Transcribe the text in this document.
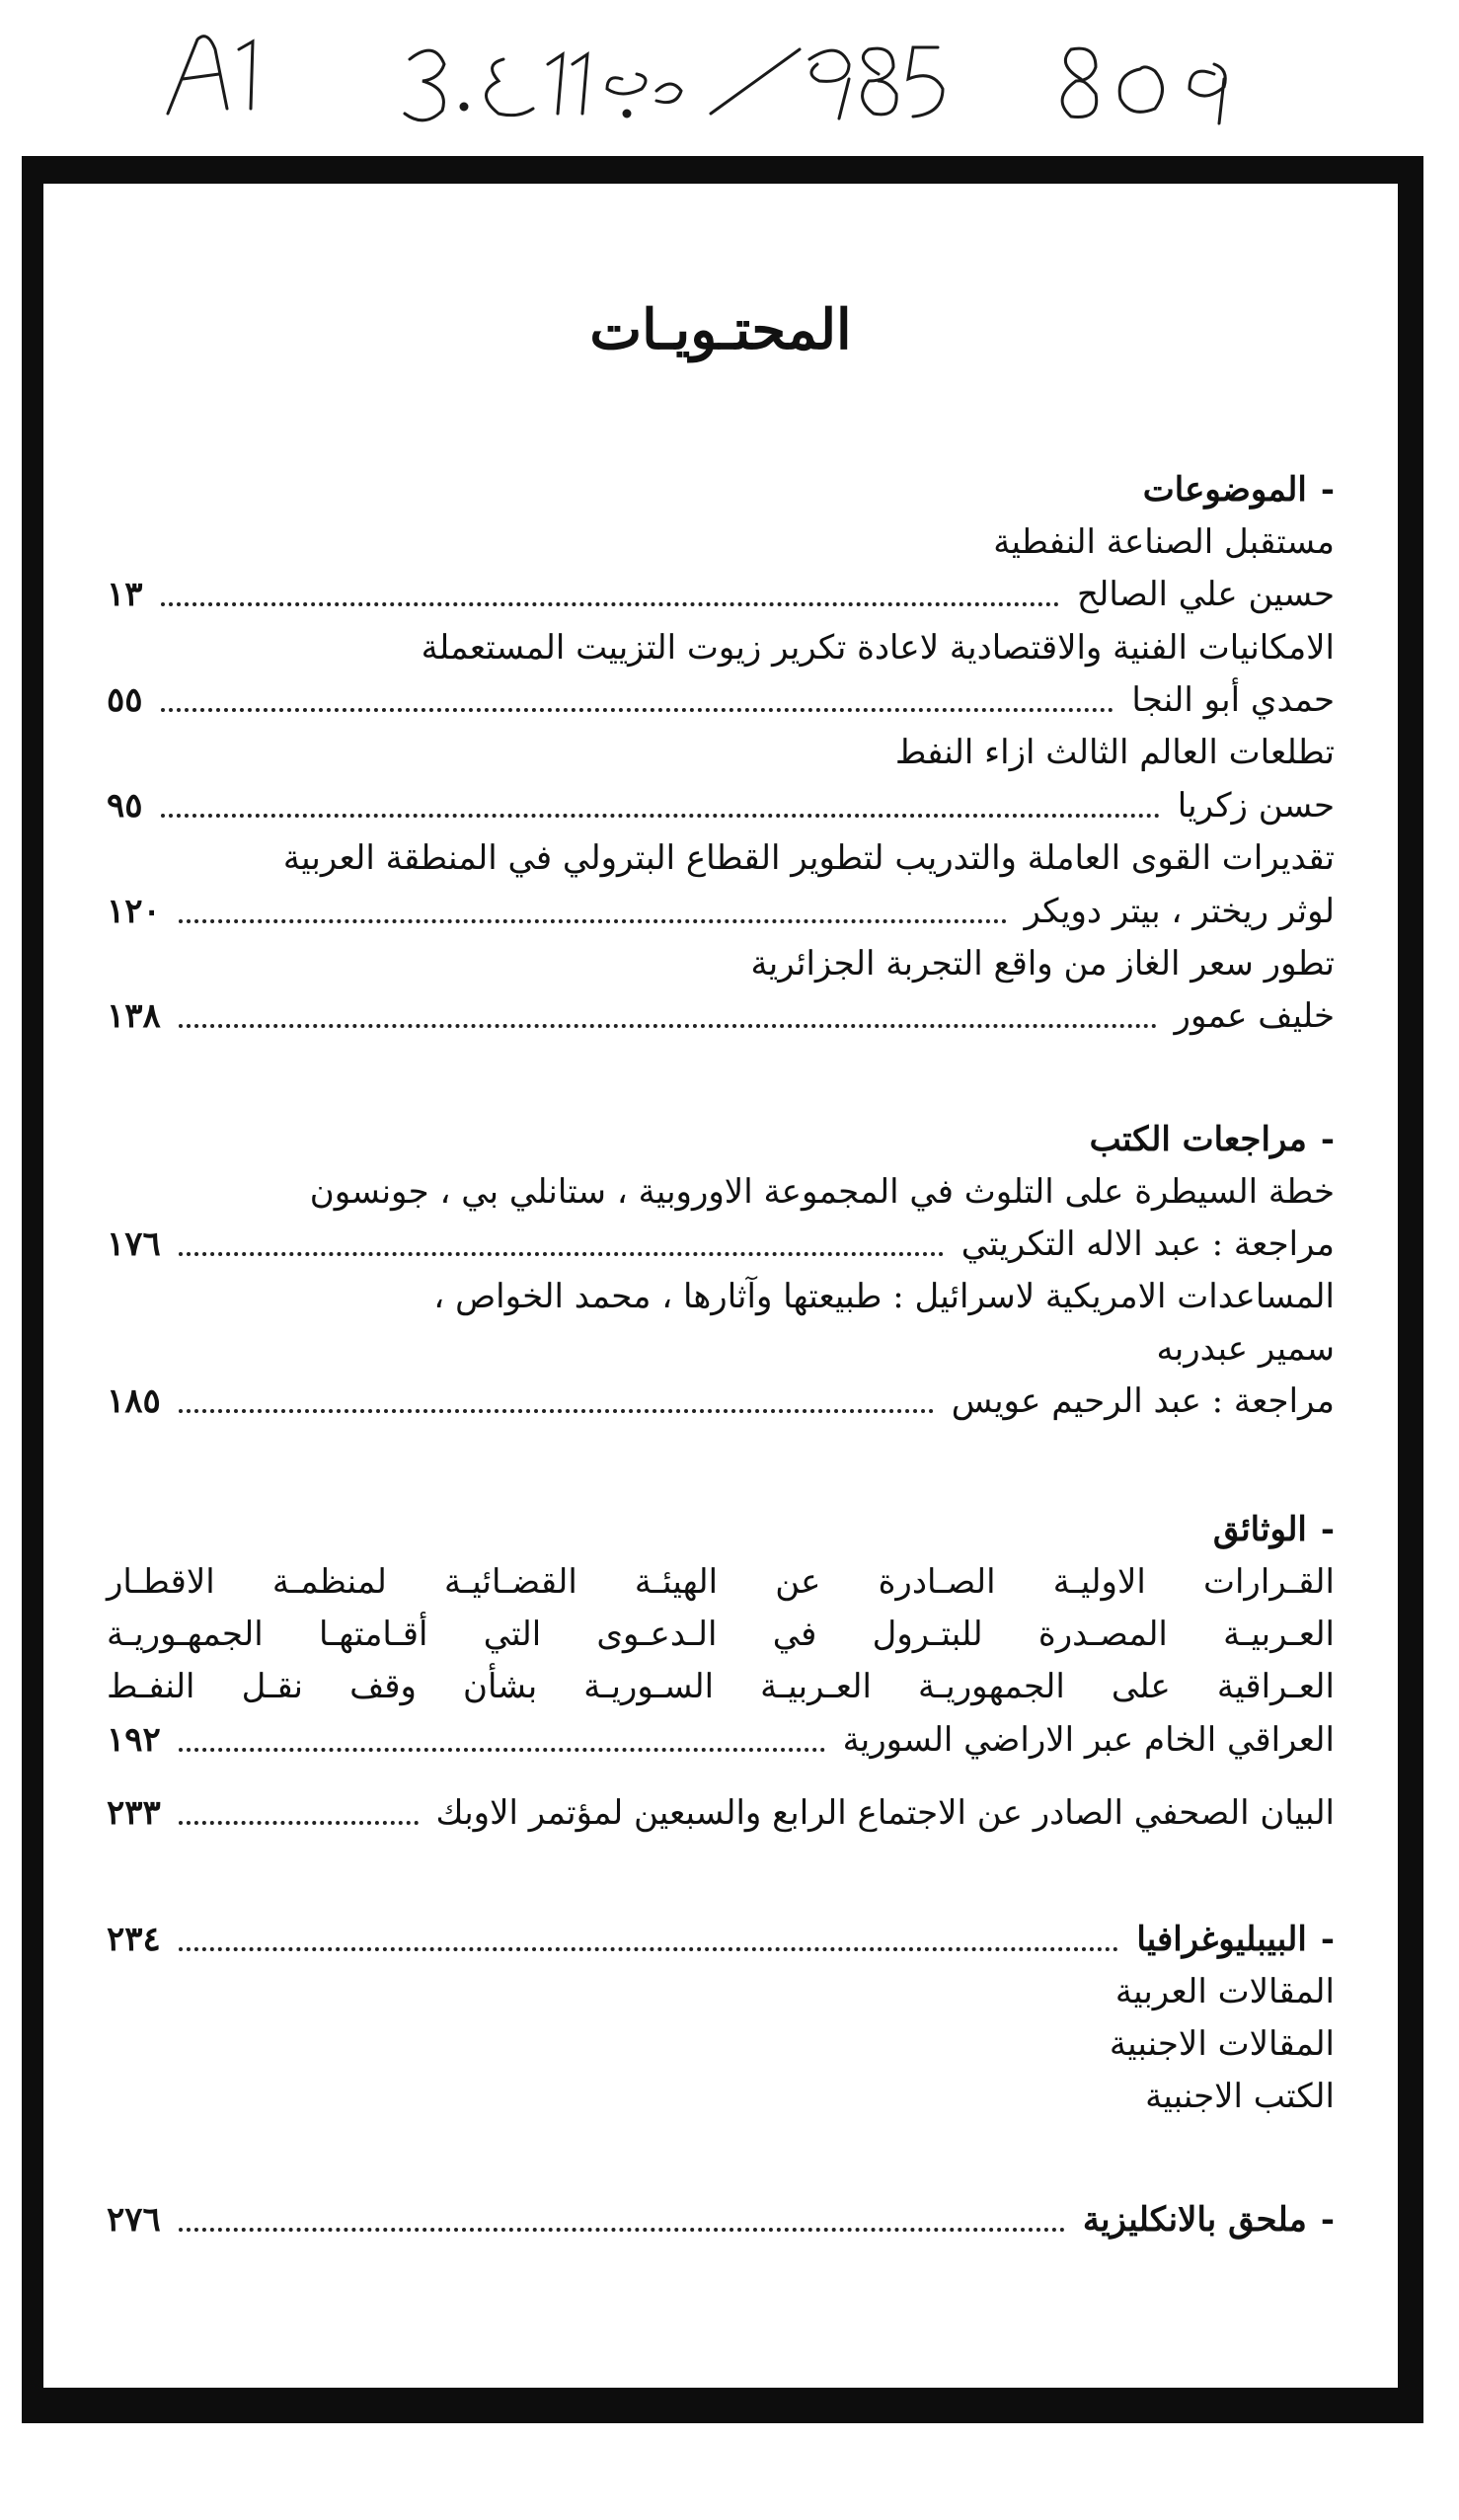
المحتـويـات
-
الموضوعات
مستقبل الصناعة النفطية
حسين علي الصالح
١٣
الامكانيات الفنية والاقتصادية لاعادة تكرير زيوت التزييت المستعملة
حمدي أبو النجا
٥٥
تطلعات العالم الثالث ازاء النفط
حسن زكريا
٩٥
تقديرات القوى العاملة والتدريب لتطوير القطاع البترولي في المنطقة العربية
لوثر ريختر ، بيتر دويكر
١٢٠
تطور سعر الغاز من واقع التجربة الجزائرية
خليف عمور
١٣٨
-
مراجعات الكتب
خطة السيطرة على التلوث في المجموعة الاوروبية ، ستانلي بي ، جونسون
مراجعة : عبد الاله التكريتي
١٧٦
المساعدات الامريكية لاسرائيل : طبيعتها وآثارها ، محمد الخواص ،
سمير عبدربه
مراجعة : عبد الرحيم عويس
١٨٥
-
الوثائق
القـرارات الاوليـة الصـادرة عن الهيئـة القضـائيـة لمنظمـة الاقطـار
العـربيـة المصـدرة للبتـرول في الـدعـوى التي أقـامتهـا الجمهـوريـة
العـراقية على الجمهوريـة العـربيـة السـوريـة بشأن وقف نقـل النفـط
العراقي الخام عبر الاراضي السورية
١٩٢
البيان الصحفي الصادر عن الاجتماع الرابع والسبعين لمؤتمر الاوبك
٢٣٣
-
البيبليوغرافيا
٢٣٤
المقالات العربية
المقالات الاجنبية
الكتب الاجنبية
-
ملحق بالانكليزية
٢٧٦
